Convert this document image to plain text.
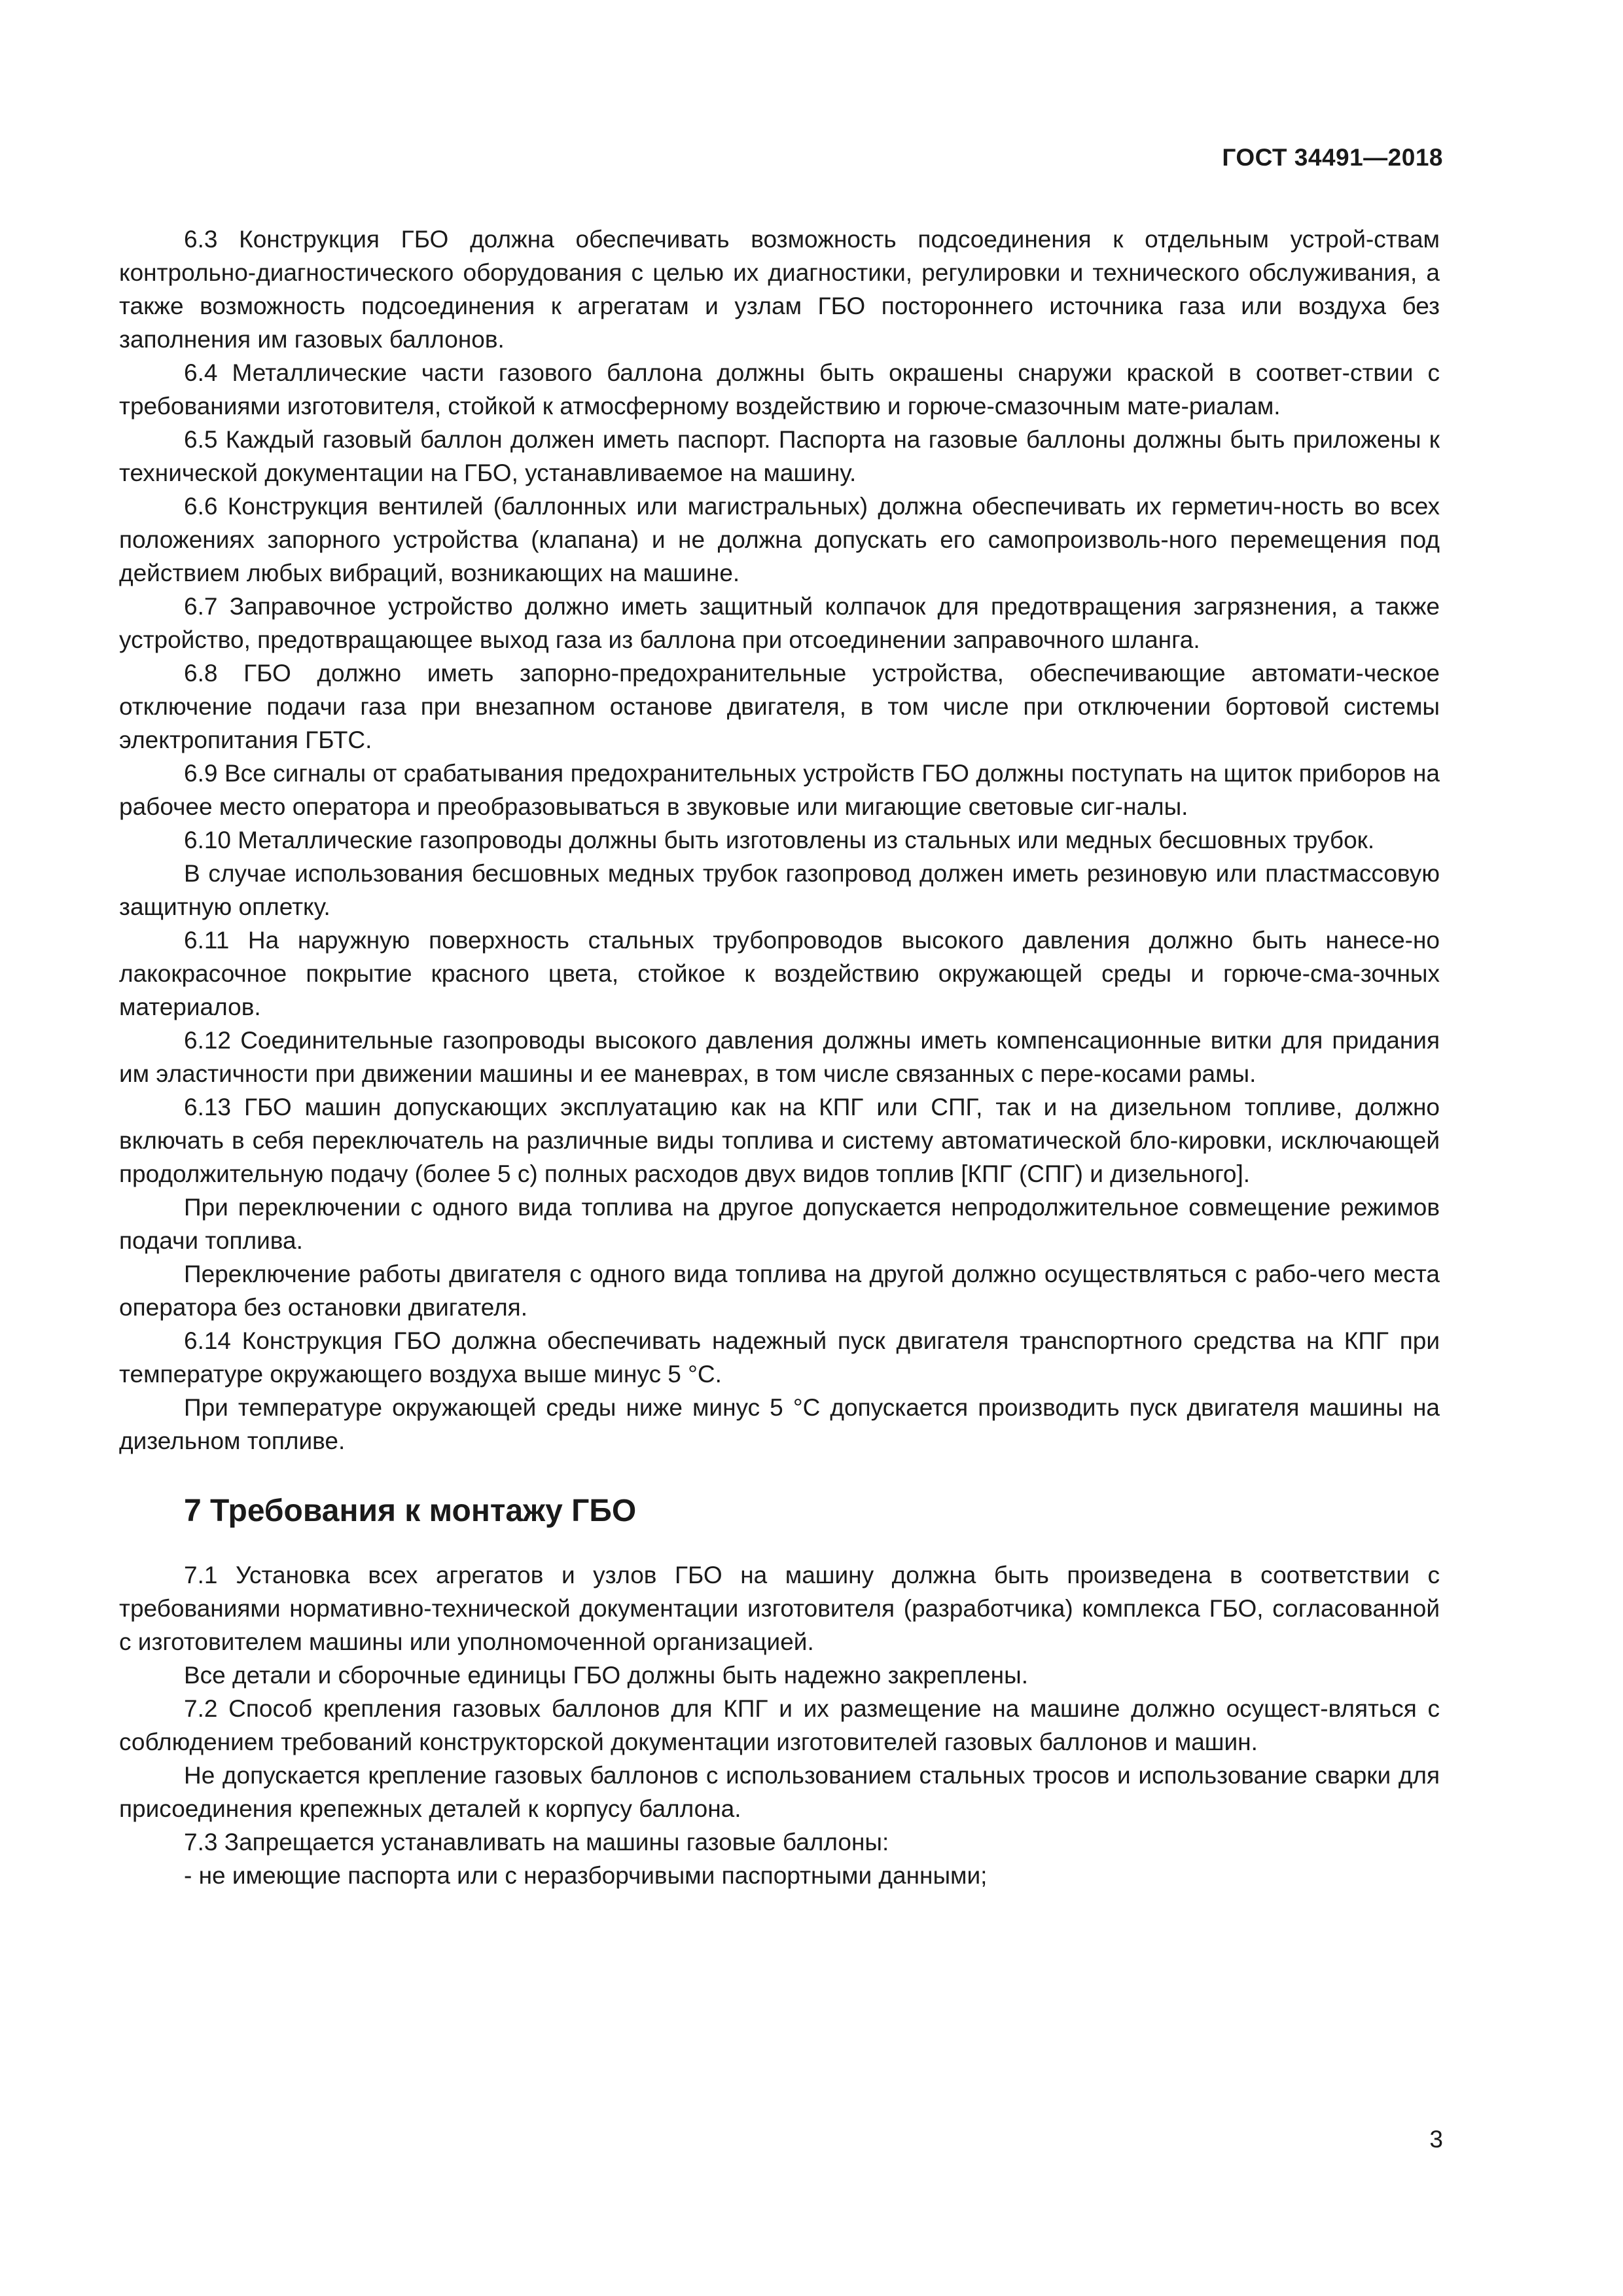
ГОСТ 34491—2018

6.3 Конструкция ГБО должна обеспечивать возможность подсоединения к отдельным устрой-ствам контрольно-диагностического оборудования с целью их диагностики, регулировки и технического обслуживания, а также возможность подсоединения к агрегатам и узлам ГБО постороннего источника газа или воздуха без заполнения им газовых баллонов.

6.4 Металлические части газового баллона должны быть окрашены снаружи краской в соответ-ствии с требованиями изготовителя, стойкой к атмосферному воздействию и горюче-смазочным мате-риалам.

6.5 Каждый газовый баллон должен иметь паспорт. Паспорта на газовые баллоны должны быть приложены к технической документации на ГБО, устанавливаемое на машину.

6.6 Конструкция вентилей (баллонных или магистральных) должна обеспечивать их герметич-ность во всех положениях запорного устройства (клапана) и не должна допускать его самопроизволь-ного перемещения под действием любых вибраций, возникающих на машине.

6.7 Заправочное устройство должно иметь защитный колпачок для предотвращения загрязнения, а также устройство, предотвращающее выход газа из баллона при отсоединении заправочного шланга.

6.8 ГБО должно иметь запорно-предохранительные устройства, обеспечивающие автомати-ческое отключение подачи газа при внезапном останове двигателя, в том числе при отключении бортовой системы электропитания ГБТС.

6.9 Все сигналы от срабатывания предохранительных устройств ГБО должны поступать на щиток приборов на рабочее место оператора и преобразовываться в звуковые или мигающие световые сиг-налы.

6.10 Металлические газопроводы должны быть изготовлены из стальных или медных бесшовных трубок.

В случае использования бесшовных медных трубок газопровод должен иметь резиновую или пластмассовую защитную оплетку.

6.11 На наружную поверхность стальных трубопроводов высокого давления должно быть нанесе-но лакокрасочное покрытие красного цвета, стойкое к воздействию окружающей среды и горюче-сма-зочных материалов.

6.12 Соединительные газопроводы высокого давления должны иметь компенсационные витки для придания им эластичности при движении машины и ее маневрах, в том числе связанных с пере-косами рамы.

6.13 ГБО машин допускающих эксплуатацию как на КПГ или СПГ, так и на дизельном топливе, должно включать в себя переключатель на различные виды топлива и систему автоматической бло-кировки, исключающей продолжительную подачу (более 5 с) полных расходов двух видов топлив [КПГ (СПГ) и дизельного].

При переключении с одного вида топлива на другое допускается непродолжительное совмещение режимов подачи топлива.

Переключение работы двигателя с одного вида топлива на другой должно осуществляться с рабо-чего места оператора без остановки двигателя.

6.14 Конструкция ГБО должна обеспечивать надежный пуск двигателя транспортного средства на КПГ при температуре окружающего воздуха выше минус 5 °С.

При температуре окружающей среды ниже минус 5 °С допускается производить пуск двигателя машины на дизельном топливе.

7 Требования к монтажу ГБО

7.1 Установка всех агрегатов и узлов ГБО на машину должна быть произведена в соответствии с требованиями нормативно-технической документации изготовителя (разработчика) комплекса ГБО, согласованной с изготовителем машины или уполномоченной организацией.

Все детали и сборочные единицы ГБО должны быть надежно закреплены.

7.2 Способ крепления газовых баллонов для КПГ и их размещение на машине должно осущест-вляться с соблюдением требований конструкторской документации изготовителей газовых баллонов и машин.

Не допускается крепление газовых баллонов с использованием стальных тросов и использование сварки для присоединения крепежных деталей к корпусу баллона.

7.3 Запрещается устанавливать на машины газовые баллоны:

- не имеющие паспорта или с неразборчивыми паспортными данными;

3
